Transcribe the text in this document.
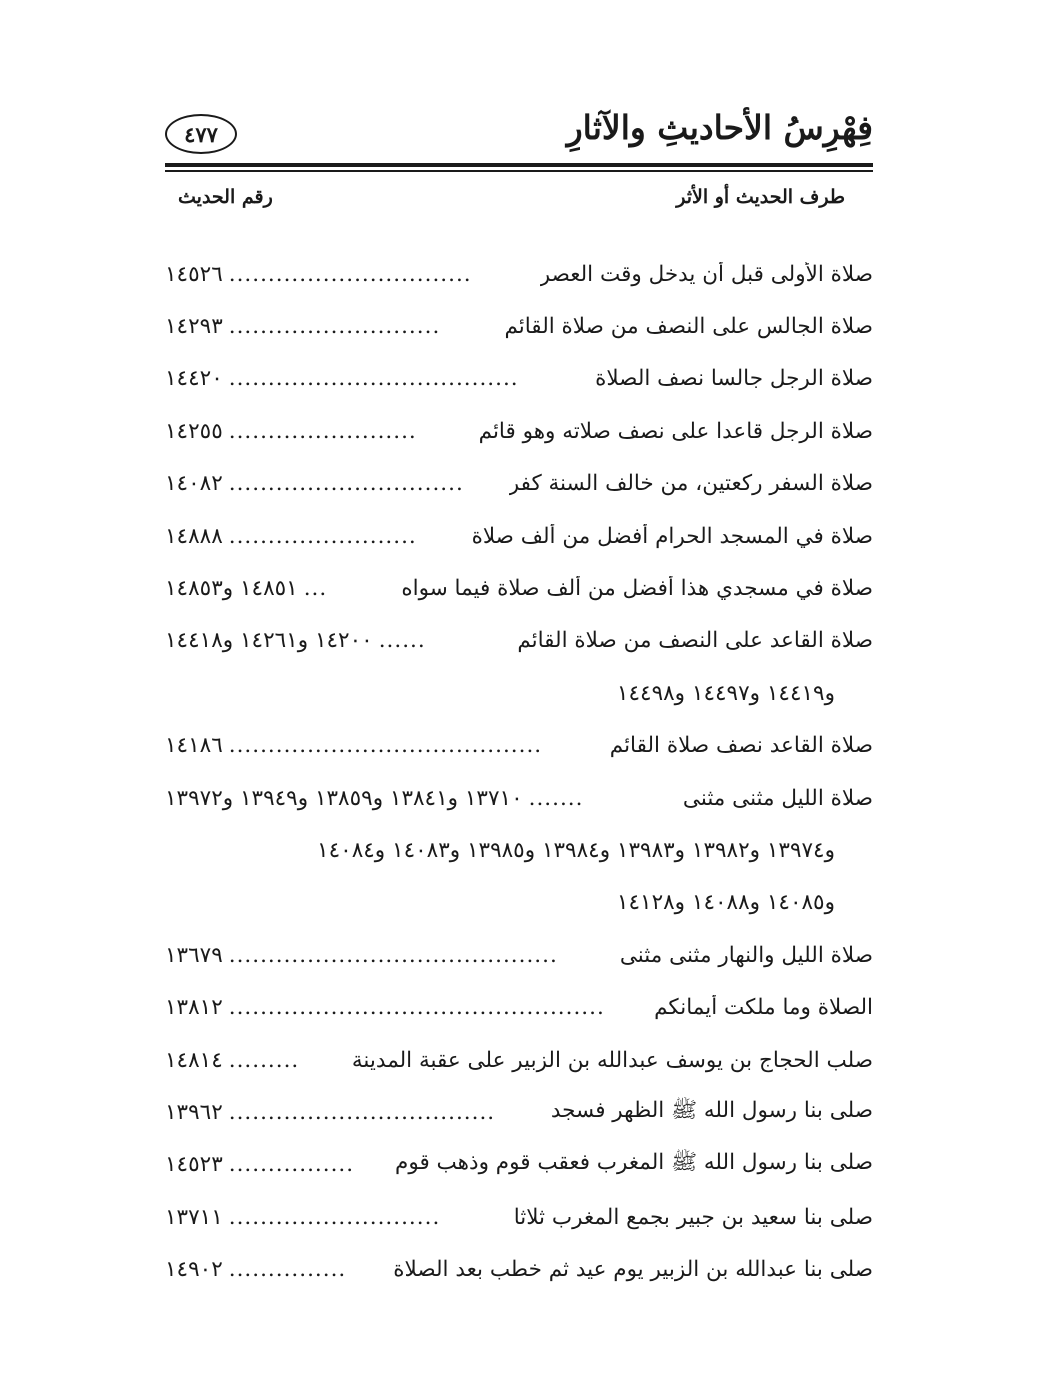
فِهْرِسُ الأحاديثِ والآثارِ
٤٧٧
طرف الحديث أو الأثر
رقم الحديث
صلاة الأولى قبل أن يدخل وقت العصر
...............................
١٤٥٢٦
صلاة الجالس على النصف من صلاة القائم
...........................
١٤٢٩٣
صلاة الرجل جالسا نصف الصلاة
.....................................
١٤٤٢٠
صلاة الرجل قاعدا على نصف صلاته وهو قائم
........................
١٤٢٥٥
صلاة السفر ركعتين، من خالف السنة كفر
..............................
١٤٠٨٢
صلاة في المسجد الحرام أفضل من ألف صلاة
........................
١٤٨٨٨
صلاة في مسجدي هذا أفضل من ألف صلاة فيما سواه
...
١٤٨٥١ و١٤٨٥٣
صلاة القاعد على النصف من صلاة القائم
......
١٤٢٠٠ و١٤٢٦١ و١٤٤١٨
و١٤٤١٩ و١٤٤٩٧ و١٤٤٩٨
صلاة القاعد نصف صلاة القائم
........................................
١٤١٨٦
صلاة الليل مثنى مثنى
.......
١٣٧١٠ و١٣٨٤١ و١٣٨٥٩ و١٣٩٤٩ و١٣٩٧٢
و١٣٩٧٤ و١٣٩٨٢ و١٣٩٨٣ و١٣٩٨٤ و١٣٩٨٥ و١٤٠٨٣ و١٤٠٨٤
و١٤٠٨٥ و١٤٠٨٨ و١٤١٢٨
صلاة الليل والنهار مثنى مثنى
..........................................
١٣٦٧٩
الصلاة وما ملكت أيمانكم
................................................
١٣٨١٢
صلب الحجاج بن يوسف عبدالله بن الزبير على عقبة المدينة
.........
١٤٨١٤
صلى بنا رسول الله ﷺ الظهر فسجد
..................................
١٣٩٦٢
صلى بنا رسول الله ﷺ المغرب فعقب قوم وذهب قوم
................
١٤٥٢٣
صلى بنا سعيد بن جبير بجمع المغرب ثلاثا
...........................
١٣٧١١
صلى بنا عبدالله بن الزبير يوم عيد ثم خطب بعد الصلاة
...............
١٤٩٠٢
